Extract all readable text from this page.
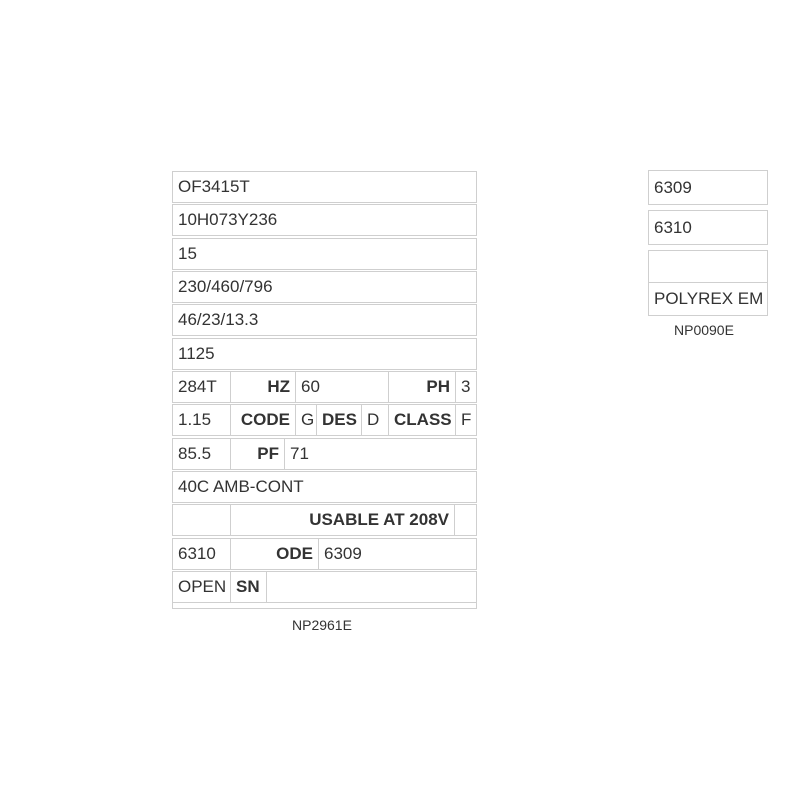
OF3415T
10H073Y236
15
230/460/796
46/23/13.3
1125
284T	HZ 60	PH 3
1.15	CODE G DES D CLASS F
85.5	PF 71
40C AMB-CONT
USABLE AT 208V
6310	ODE 6309
OPEN SN
NP2961E
6309
6310
POLYREX EM
NP0090E
